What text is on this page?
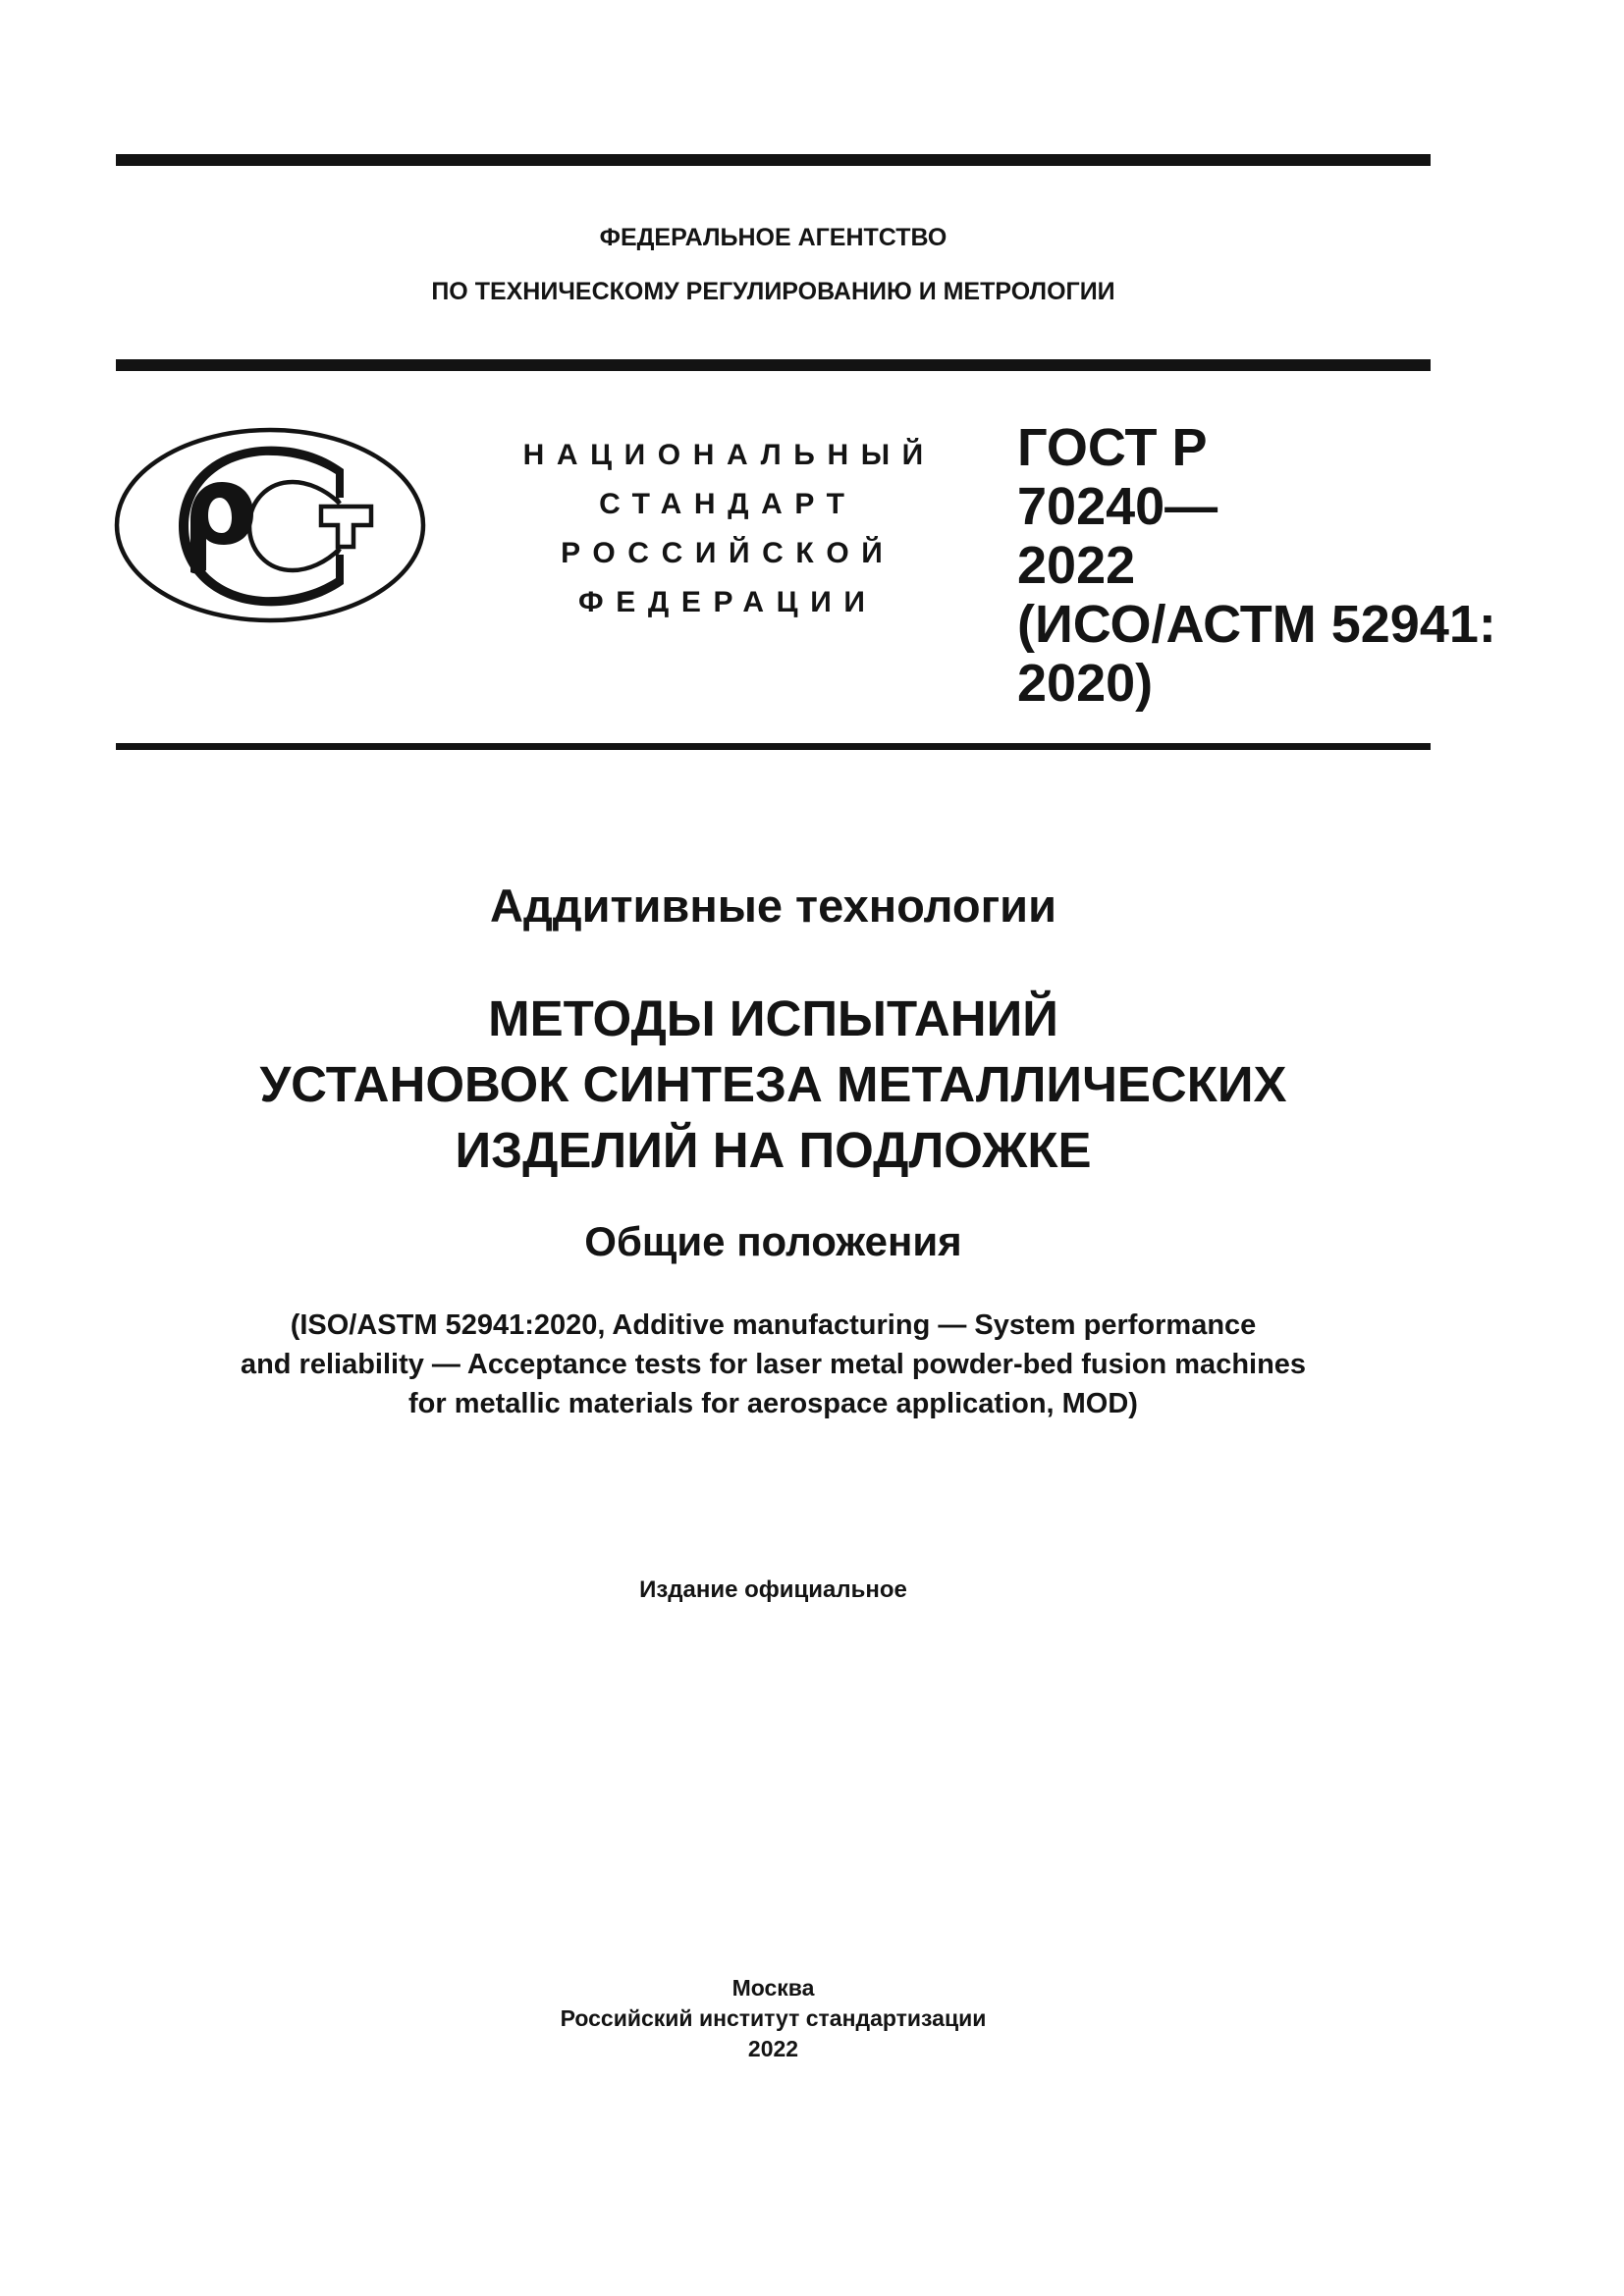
ФЕДЕРАЛЬНОЕ АГЕНТСТВО
ПО ТЕХНИЧЕСКОМУ РЕГУЛИРОВАНИЮ И МЕТРОЛОГИИ
НАЦИОНАЛЬНЫЙ
СТАНДАРТ
РОССИЙСКОЙ
ФЕДЕРАЦИИ
ГОСТ Р
70240—
2022
(ИСО/АСТМ 52941:
2020)
Аддитивные технологии
МЕТОДЫ ИСПЫТАНИЙ
УСТАНОВОК СИНТЕЗА МЕТАЛЛИЧЕСКИХ
ИЗДЕЛИЙ НА ПОДЛОЖКЕ
Общие положения
(ISO/ASTM 52941:2020, Additive manufacturing — System performance
and reliability — Acceptance tests for laser metal powder-bed fusion machines
for metallic materials for aerospace application, MOD)
Издание официальное
Москва
Российский институт стандартизации
2022
